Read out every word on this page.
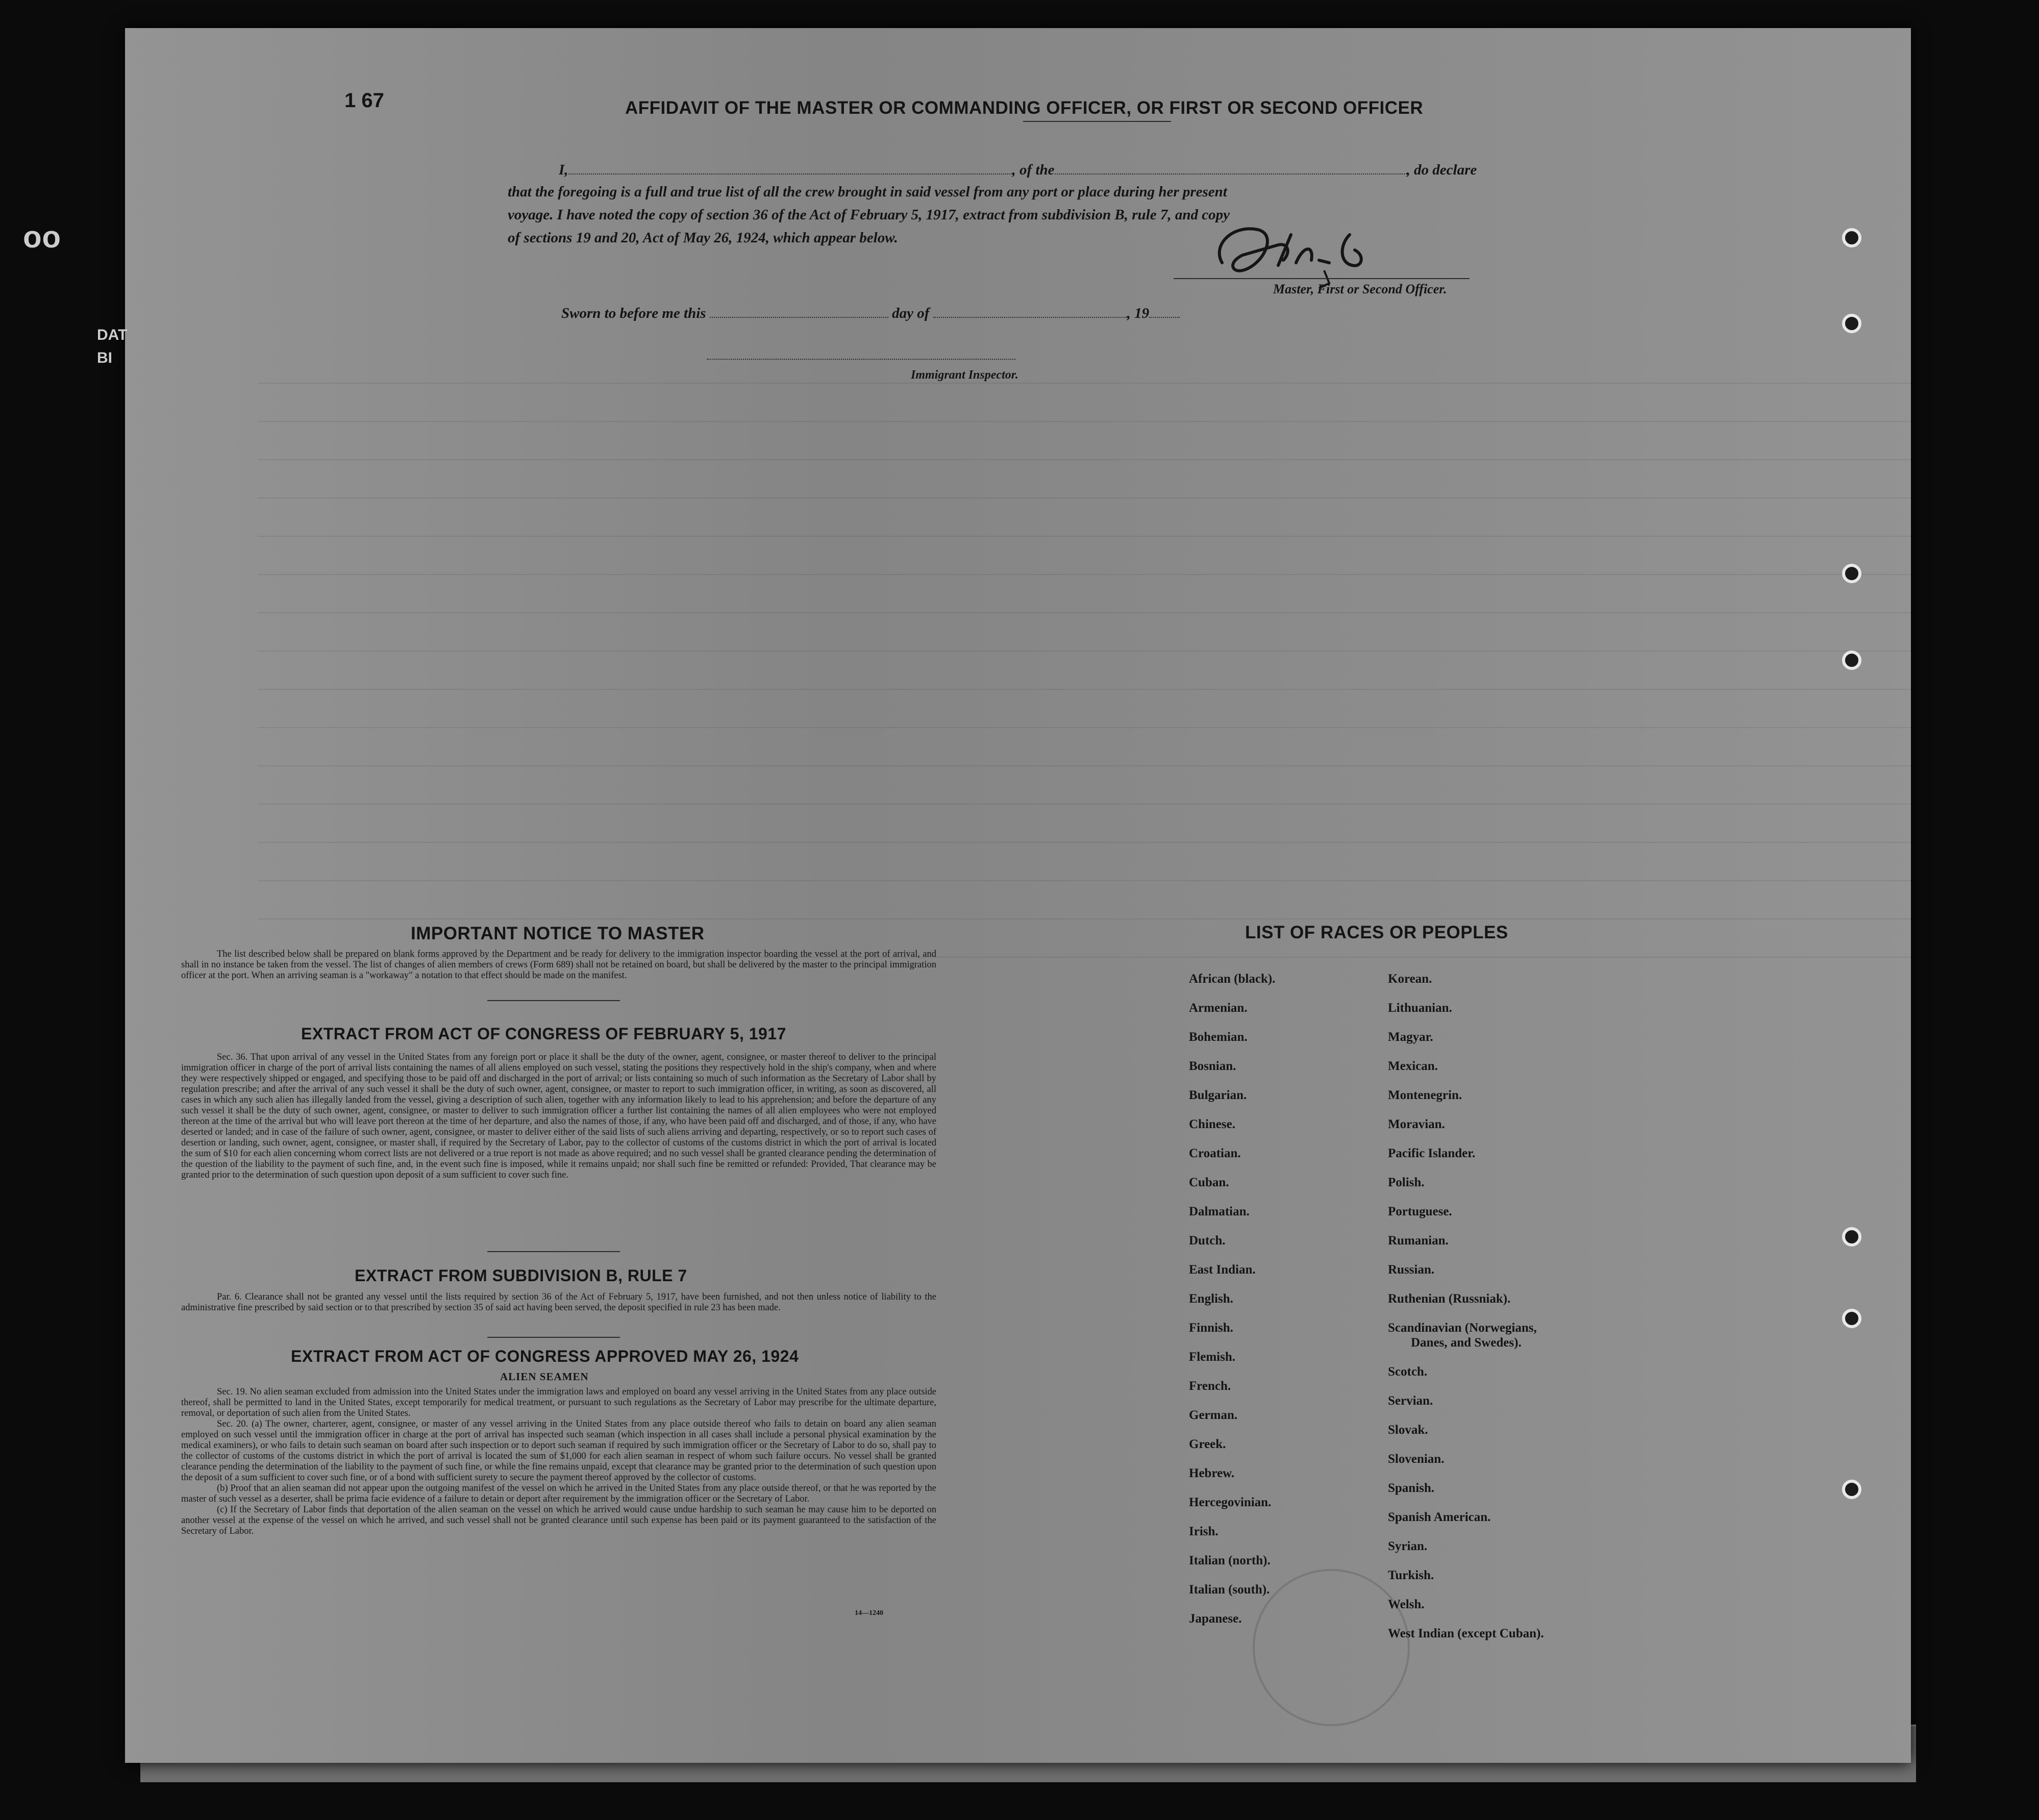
1 67	AFFIDAVIT OF THE MASTER OR COMMANDING OFFICER, OR FIRST OR SECOND OFFICER
I,	, of the	, do declare
that the foregoing is a full and true list of all the crew brought in said vessel from any port or place during her present
voyage. I have noted the copy of section 36 of the Act of February 5, 1917, extract from subdivision B, rule 7, and copy
of sections 19 and 20, Act of May 26, 1924, which appear below.
Master, First or Second Officer.
Sworn to before me this	day of	, 19
Immigrant Inspector.
IMPORTANT NOTICE TO MASTER
The list described below shall be prepared on blank forms approved by the Department and be ready for delivery to the immigration inspector boarding the vessel at the port of arrival, and shall in no instance be taken from the vessel. The list of changes of alien members of crews (Form 689) shall not be retained on board, but shall be delivered by the master to the principal immigration officer at the port. When an arriving seaman is a "workaway" a notation to that effect should be made on the manifest.
EXTRACT FROM ACT OF CONGRESS OF FEBRUARY 5, 1917
Sec. 36. That upon arrival of any vessel in the United States from any foreign port or place it shall be the duty of the owner, agent, consignee, or master thereof to deliver to the principal immigration officer in charge of the port of arrival lists containing the names of all aliens employed on such vessel, stating the positions they respectively hold in the ship's company, when and where they were respectively shipped or engaged, and specifying those to be paid off and discharged in the port of arrival; or lists containing so much of such information as the Secretary of Labor shall by regulation prescribe; and after the arrival of any such vessel it shall be the duty of such owner, agent, consignee, or master to report to such immigration officer, in writing, as soon as discovered, all cases in which any such alien has illegally landed from the vessel, giving a description of such alien, together with any information likely to lead to his apprehension; and before the departure of any such vessel it shall be the duty of such owner, agent, consignee, or master to deliver to such immigration officer a further list containing the names of all alien employees who were not employed thereon at the time of the arrival but who will leave port thereon at the time of her departure, and also the names of those, if any, who have been paid off and discharged, and of those, if any, who have deserted or landed; and in case of the failure of such owner, agent, consignee, or master to deliver either of the said lists of such aliens arriving and departing, respectively, or so to report such cases of desertion or landing, such owner, agent, consignee, or master shall, if required by the Secretary of Labor, pay to the collector of customs of the customs district in which the port of arrival is located the sum of $10 for each alien concerning whom correct lists are not delivered or a true report is not made as above required; and no such vessel shall be granted clearance pending the determination of the question of the liability to the payment of such fine, and, in the event such fine is imposed, while it remains unpaid; nor shall such fine be remitted or refunded: Provided, That clearance may be granted prior to the determination of such question upon deposit of a sum sufficient to cover such fine.
EXTRACT FROM SUBDIVISION B, RULE 7
Par. 6. Clearance shall not be granted any vessel until the lists required by section 36 of the Act of February 5, 1917, have been furnished, and not then unless notice of liability to the administrative fine prescribed by said section or to that prescribed by section 35 of said act having been served, the deposit specified in rule 23 has been made.
EXTRACT FROM ACT OF CONGRESS APPROVED MAY 26, 1924
ALIEN SEAMEN
Sec. 19. No alien seaman excluded from admission into the United States under the immigration laws and employed on board any vessel arriving in the United States from any place outside thereof, shall be permitted to land in the United States, except temporarily for medical treatment, or pursuant to such regulations as the Secretary of Labor may prescribe for the ultimate departure, removal, or deportation of such alien from the United States.
Sec. 20. (a) The owner, charterer, agent, consignee, or master of any vessel arriving in the United States from any place outside thereof who fails to detain on board any alien seaman employed on such vessel until the immigration officer in charge at the port of arrival has inspected such seaman (which inspection in all cases shall include a personal physical examination by the medical examiners), or who fails to detain such seaman on board after such inspection or to deport such seaman if required by such immigration officer or the Secretary of Labor to do so, shall pay to the collector of customs of the customs district in which the port of arrival is located the sum of $1,000 for each alien seaman in respect of whom such failure occurs. No vessel shall be granted clearance pending the determination of the liability to the payment of such fine, or while the fine remains unpaid, except that clearance may be granted prior to the determination of such question upon the deposit of a sum sufficient to cover such fine, or of a bond with sufficient surety to secure the payment thereof approved by the collector of customs.
(b) Proof that an alien seaman did not appear upon the outgoing manifest of the vessel on which he arrived in the United States from any place outside thereof, or that he was reported by the master of such vessel as a deserter, shall be prima facie evidence of a failure to detain or deport after requirement by the immigration officer or the Secretary of Labor.
(c) If the Secretary of Labor finds that deportation of the alien seaman on the vessel on which he arrived would cause undue hardship to such seaman he may cause him to be deported on another vessel at the expense of the vessel on which he arrived, and such vessel shall not be granted clearance until such expense has been paid or its payment guaranteed to the satisfaction of the Secretary of Labor.
14—1240
LIST OF RACES OR PEOPLES
African (black).
Armenian.
Bohemian.
Bosnian.
Bulgarian.
Chinese.
Croatian.
Cuban.
Dalmatian.
Dutch.
East Indian.
English.
Finnish.
Flemish.
French.
German.
Greek.
Hebrew.
Hercegovinian.
Irish.
Italian (north).
Italian (south).
Japanese.
Korean.
Lithuanian.
Magyar.
Mexican.
Montenegrin.
Moravian.
Pacific Islander.
Polish.
Portuguese.
Rumanian.
Russian.
Ruthenian (Russniak).
Scandinavian (Norwegians,
Danes, and Swedes).
Scotch.
Servian.
Slovak.
Slovenian.
Spanish.
Spanish American.
Syrian.
Turkish.
Welsh.
West Indian (except Cuban).
o o
DAT
BI
